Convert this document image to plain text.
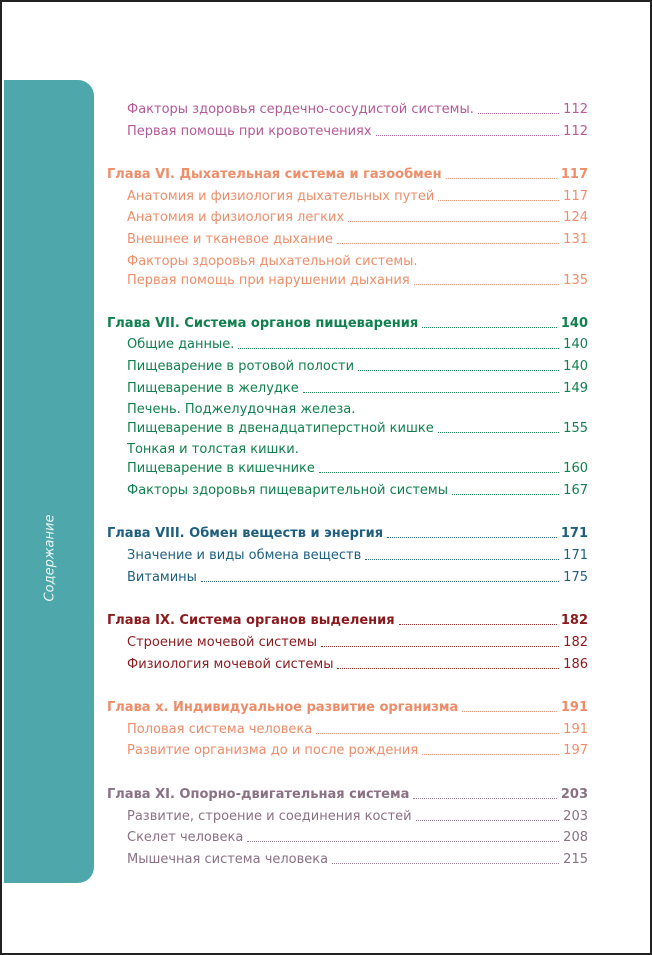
Содержание
4
Факторы здоровья сердечно-сосудистой системы.	112
Первая помощь при кровотечениях	112
Глава VI. Дыхательная система и газообмен	117
Анатомия и физиология дыхательных путей	117
Анатомия и физиология легких	124
Внешнее и тканевое дыхание	131
Факторы здоровья дыхательной системы.
Первая помощь при нарушении дыхания	135
Глава VII. Система органов пищеварения	140
Общие данные.	140
Пищеварение в ротовой полости	140
Пищеварение в желудке	149
Печень. Поджелудочная железа.
Пищеварение в двенадцатиперстной кишке	155
Тонкая и толстая кишки.
Пищеварение в кишечнике	160
Факторы здоровья пищеварительной системы	167
Глава VIII. Обмен веществ и энергия	171
Значение и виды обмена веществ	171
Витамины	175
Глава IX. Система органов выделения	182
Строение мочевой системы	182
Физиология мочевой системы	186
Глава x. Индивидуальное развитие организма	191
Половая система человека	191
Развитие организма до и после рождения	197
Глава XI. Опорно-двигательная система	203
Развитие, строение и соединения костей	203
Скелет человека	208
Мышечная система человека	215
